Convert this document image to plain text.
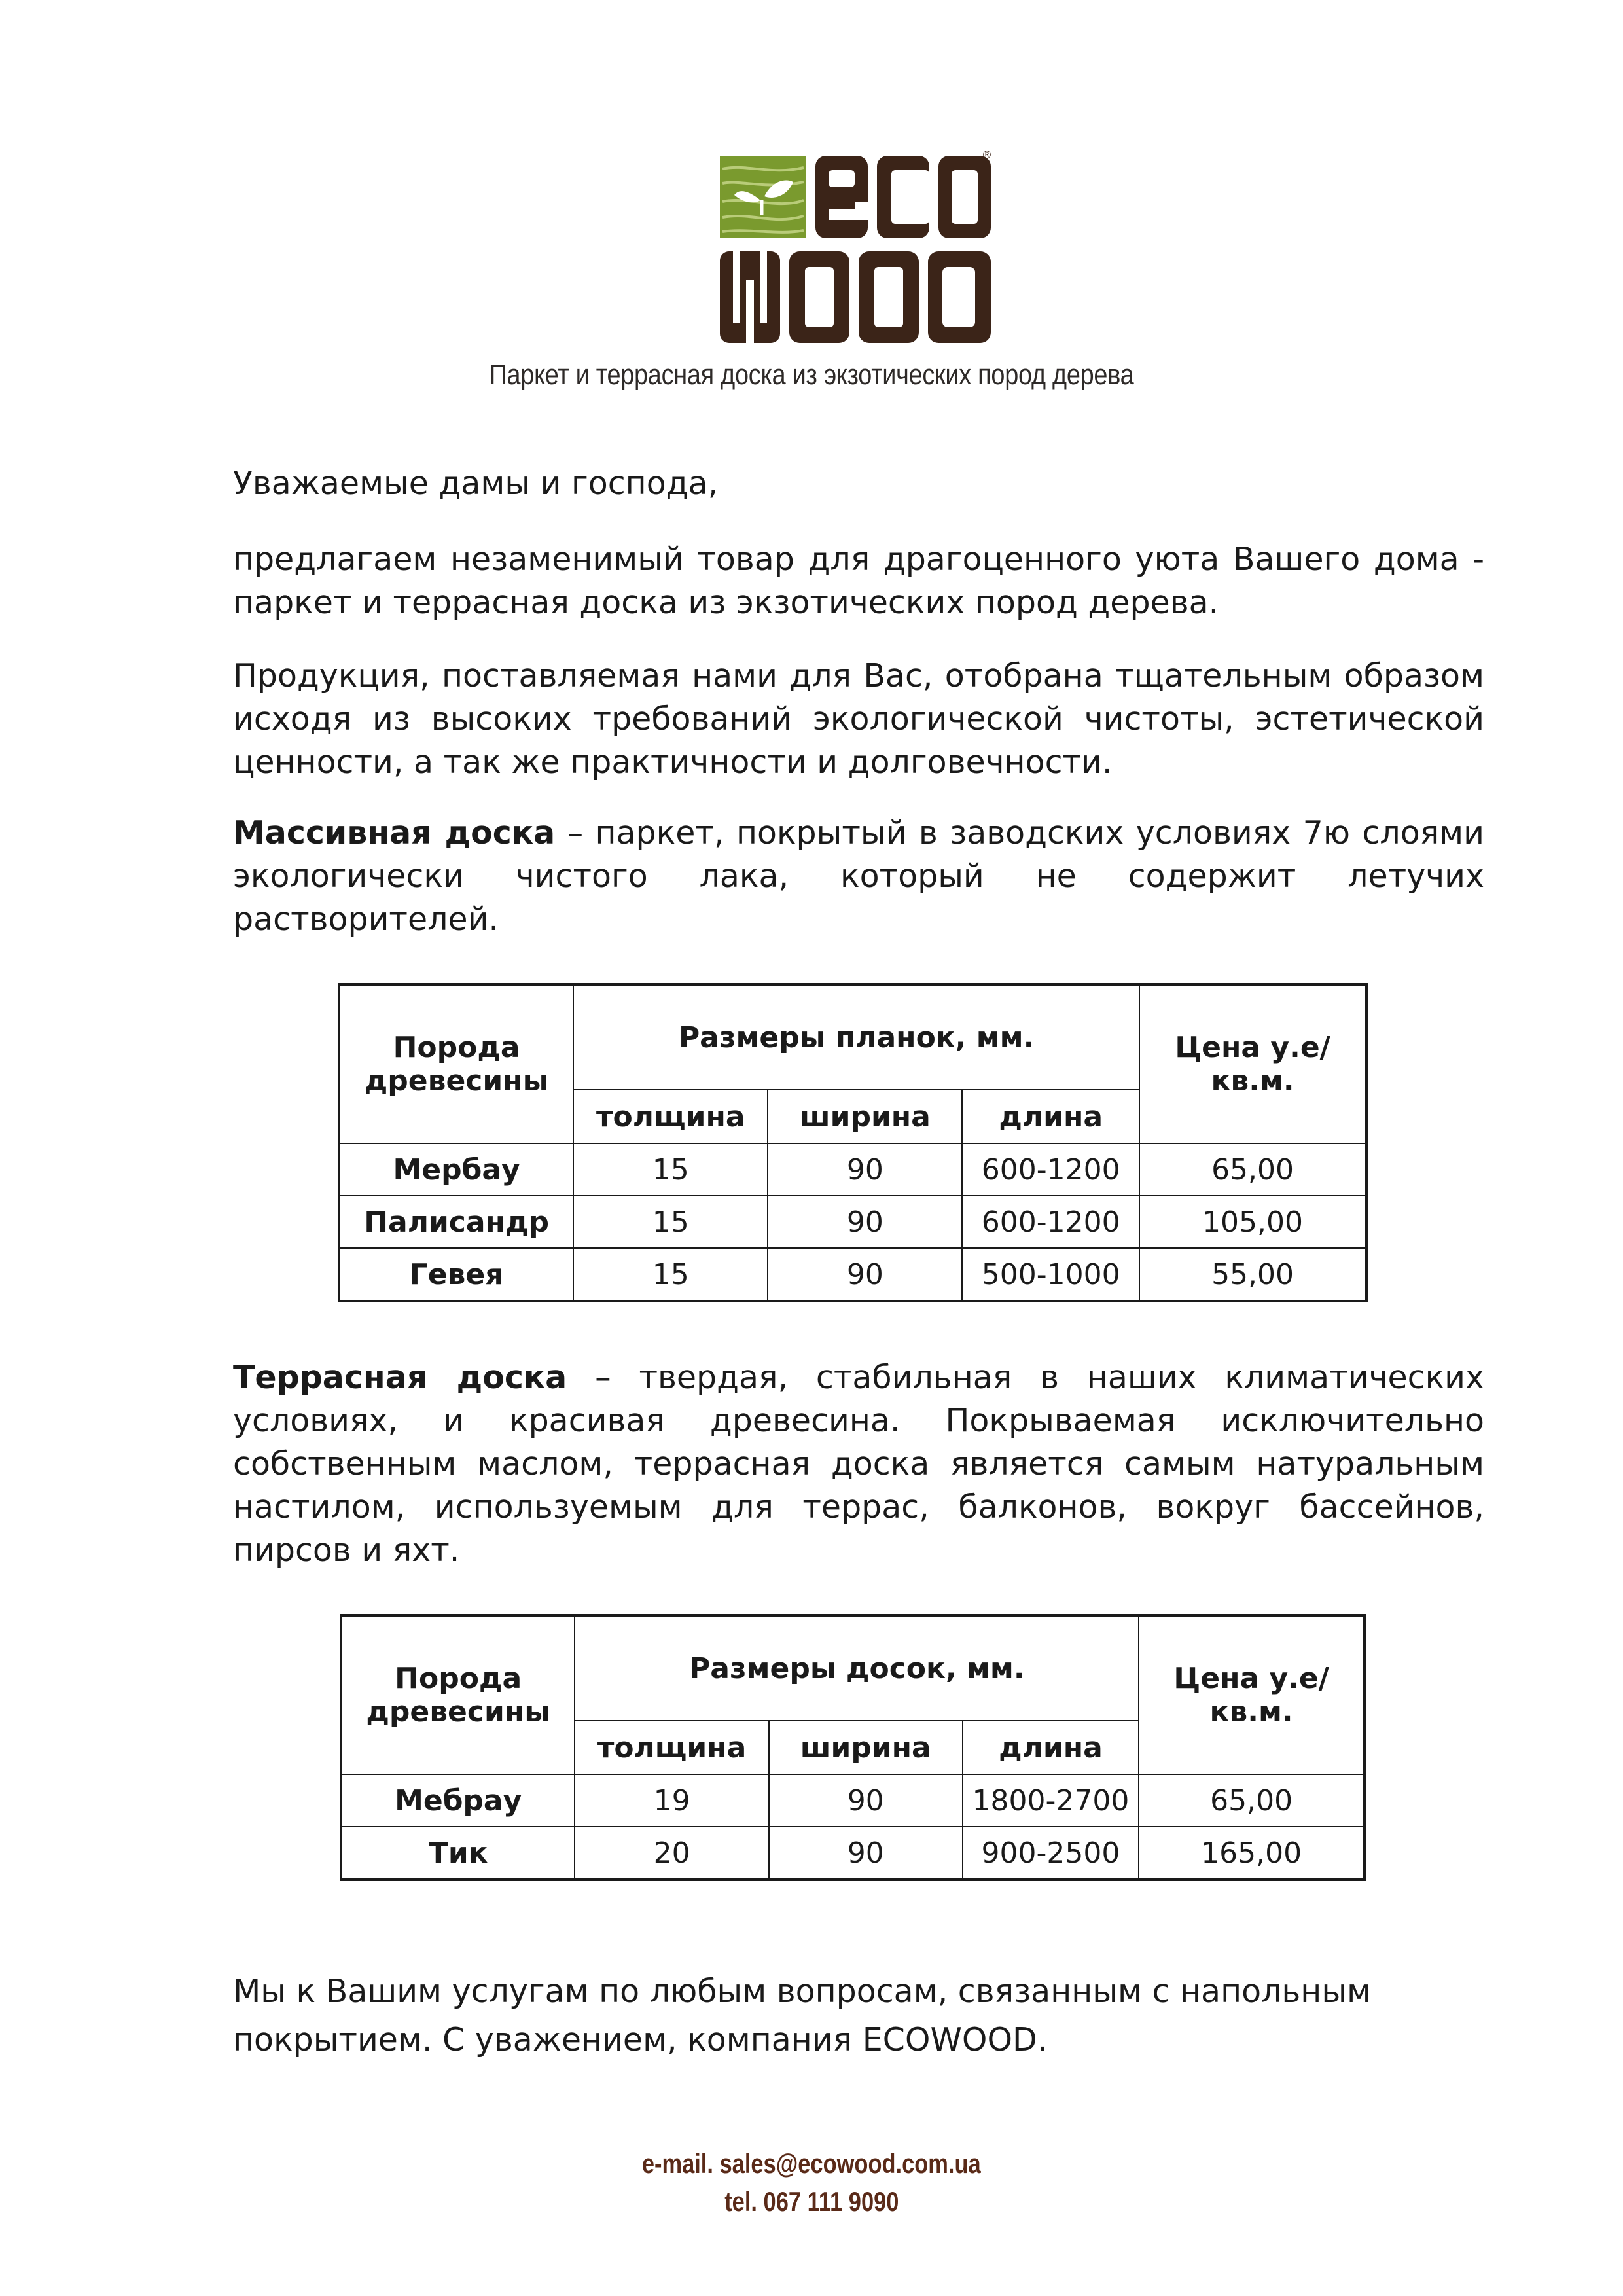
®
Паркет и террасная доска из экзотических пород дерева

Уважаемые дамы и господа,

предлагаем незаменимый товар для драгоценного уюта Вашего дома - паркет и террасная доска из экзотических пород дерева.

Продукция, поставляемая нами для Вас, отобрана тщательным образом исходя из высоких требований экологической чистоты, эстетической ценности, а так же практичности и долговечности.

Массивная доска – паркет, покрытый в заводских условиях 7ю слоями экологически чистого лака, который не содержит летучих растворителей.

Порода древесины	Размеры планок, мм.			Цена у.е/кв.м.
	толщина	ширина	длина	
Мербау	15	90	600-1200	65,00
Палисандр	15	90	600-1200	105,00
Гевея	15	90	500-1000	55,00

Террасная доска – твердая, стабильная в наших климатических условиях, и красивая древесина. Покрываемая исключительно собственным маслом, террасная доска является самым натуральным настилом, используемым для террас, балконов, вокруг бассейнов, пирсов и яхт.

Порода древесины	Размеры досок, мм.			Цена у.е/кв.м.
	толщина	ширина	длина	
Мебрау	19	90	1800-2700	65,00
Тик	20	90	900-2500	165,00

Мы к Вашим услугам по любым вопросам, связанным с напольным

покрытием. С уважением, компания ECOWOOD.

e-mail. sales@ecowood.com.ua
tel. 067 111 9090
